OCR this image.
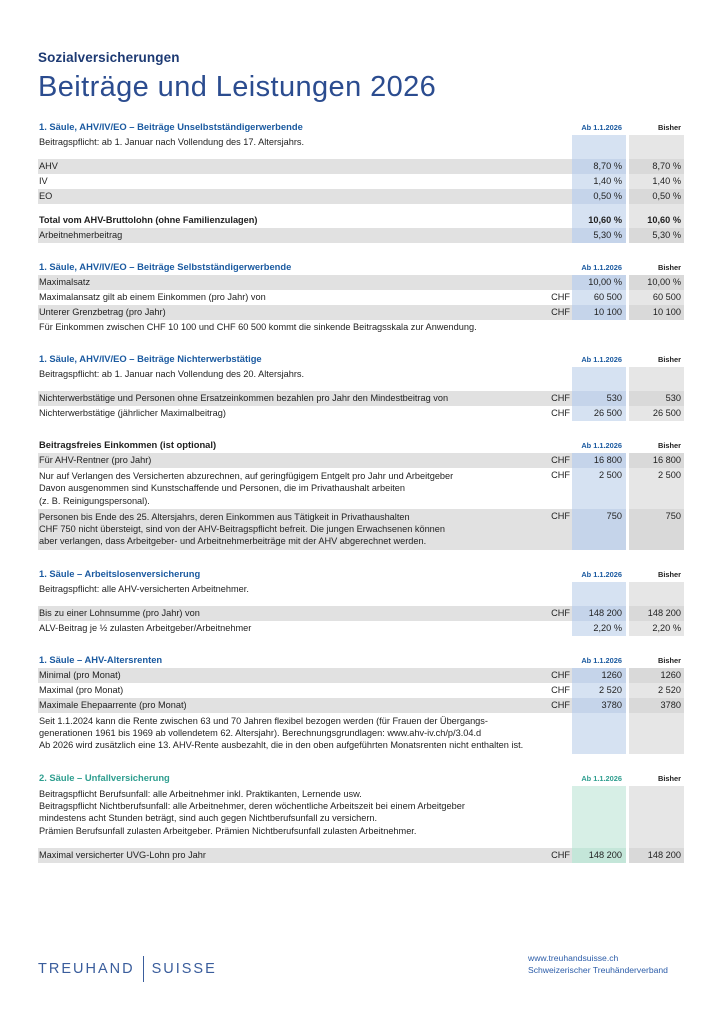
Sozialversicherungen
Beiträge und Leistungen 2026
1. Säule, AHV/IV/EO – Beiträge Unselbstständigerwerbende	Ab 1.1.2026	Bisher
Beitragspflicht: ab 1. Januar nach Vollendung des 17. Altersjahrs.
AHV	8,70 %	8,70 %
IV	1,40 %	1,40 %
EO	0,50 %	0,50 %
Total vom AHV-Bruttolohn (ohne Familienzulagen)	10,60 %	10,60 %
Arbeitnehmerbeitrag	5,30 %	5,30 %
1. Säule, AHV/IV/EO – Beiträge Selbstständigerwerbende	Ab 1.1.2026	Bisher
Maximalsatz	10,00 %	10,00 %
Maximalansatz gilt ab einem Einkommen (pro Jahr) von	CHF	60 500	60 500
Unterer Grenzbetrag (pro Jahr)	CHF	10 100	10 100
Für Einkommen zwischen CHF 10 100 und CHF 60 500 kommt die sinkende Beitragsskala zur Anwendung.
1. Säule, AHV/IV/EO – Beiträge Nichterwerbstätige	Ab 1.1.2026	Bisher
Beitragspflicht: ab 1. Januar nach Vollendung des 20. Altersjahrs.
Nichterwerbstätige und Personen ohne Ersatzeinkommen bezahlen pro Jahr den Mindestbeitrag von	CHF	530	530
Nichterwerbstätige (jährlicher Maximalbeitrag)	CHF	26 500	26 500
Beitragsfreies Einkommen (ist optional)	Ab 1.1.2026	Bisher
Für AHV-Rentner (pro Jahr)	CHF	16 800	16 800
Nur auf Verlangen des Versicherten abzurechnen, auf geringfügigem Entgelt pro Jahr und Arbeitgeber
Davon ausgenommen sind Kunstschaffende und Personen, die im Privathaushalt arbeiten
(z. B. Reinigungspersonal).
CHF	2 500	2 500
Personen bis Ende des 25. Altersjahrs, deren Einkommen aus Tätigkeit in Privathaushalten
CHF 750 nicht übersteigt, sind von der AHV-Beitragspflicht befreit. Die jungen Erwachsenen können
aber verlangen, dass Arbeitgeber- und Arbeitnehmerbeiträge mit der AHV abgerechnet werden.
CHF	750	750
1. Säule – Arbeitslosenversicherung	Ab 1.1.2026	Bisher
Beitragspflicht: alle AHV-versicherten Arbeitnehmer.
Bis zu einer Lohnsumme (pro Jahr) von	CHF	148 200	148 200
ALV-Beitrag je ½ zulasten Arbeitgeber/Arbeitnehmer	2,20 %	2,20 %
1. Säule – AHV-Altersrenten	Ab 1.1.2026	Bisher
Minimal (pro Monat)	CHF	1260	1260
Maximal (pro Monat)	CHF	2 520	2 520
Maximale Ehepaarrente (pro Monat)	CHF	3780	3780
Seit 1.1.2024 kann die Rente zwischen 63 und 70 Jahren flexibel bezogen werden (für Frauen der Übergangs-
generationen 1961 bis 1969 ab vollendetem 62. Altersjahr). Berechnungsgrundlagen: www.ahv-iv.ch/p/3.04.d
Ab 2026 wird zusätzlich eine 13. AHV-Rente ausbezahlt, die in den oben aufgeführten Monatsrenten nicht enthalten ist.
2. Säule – Unfallversicherung	Ab 1.1.2026	Bisher
Beitragspflicht Berufsunfall: alle Arbeitnehmer inkl. Praktikanten, Lernende usw.
Beitragspflicht Nichtberufsunfall: alle Arbeitnehmer, deren wöchentliche Arbeitszeit bei einem Arbeitgeber
mindestens acht Stunden beträgt, sind auch gegen Nichtberufsunfall zu versichern.
Prämien Berufsunfall zulasten Arbeitgeber. Prämien Nichtberufsunfall zulasten Arbeitnehmer.
Maximal versicherter UVG-Lohn pro Jahr	CHF	148 200	148 200
TREUHAND SUISSE
www.treuhandsuisse.ch
Schweizerischer Treuhänderverband
